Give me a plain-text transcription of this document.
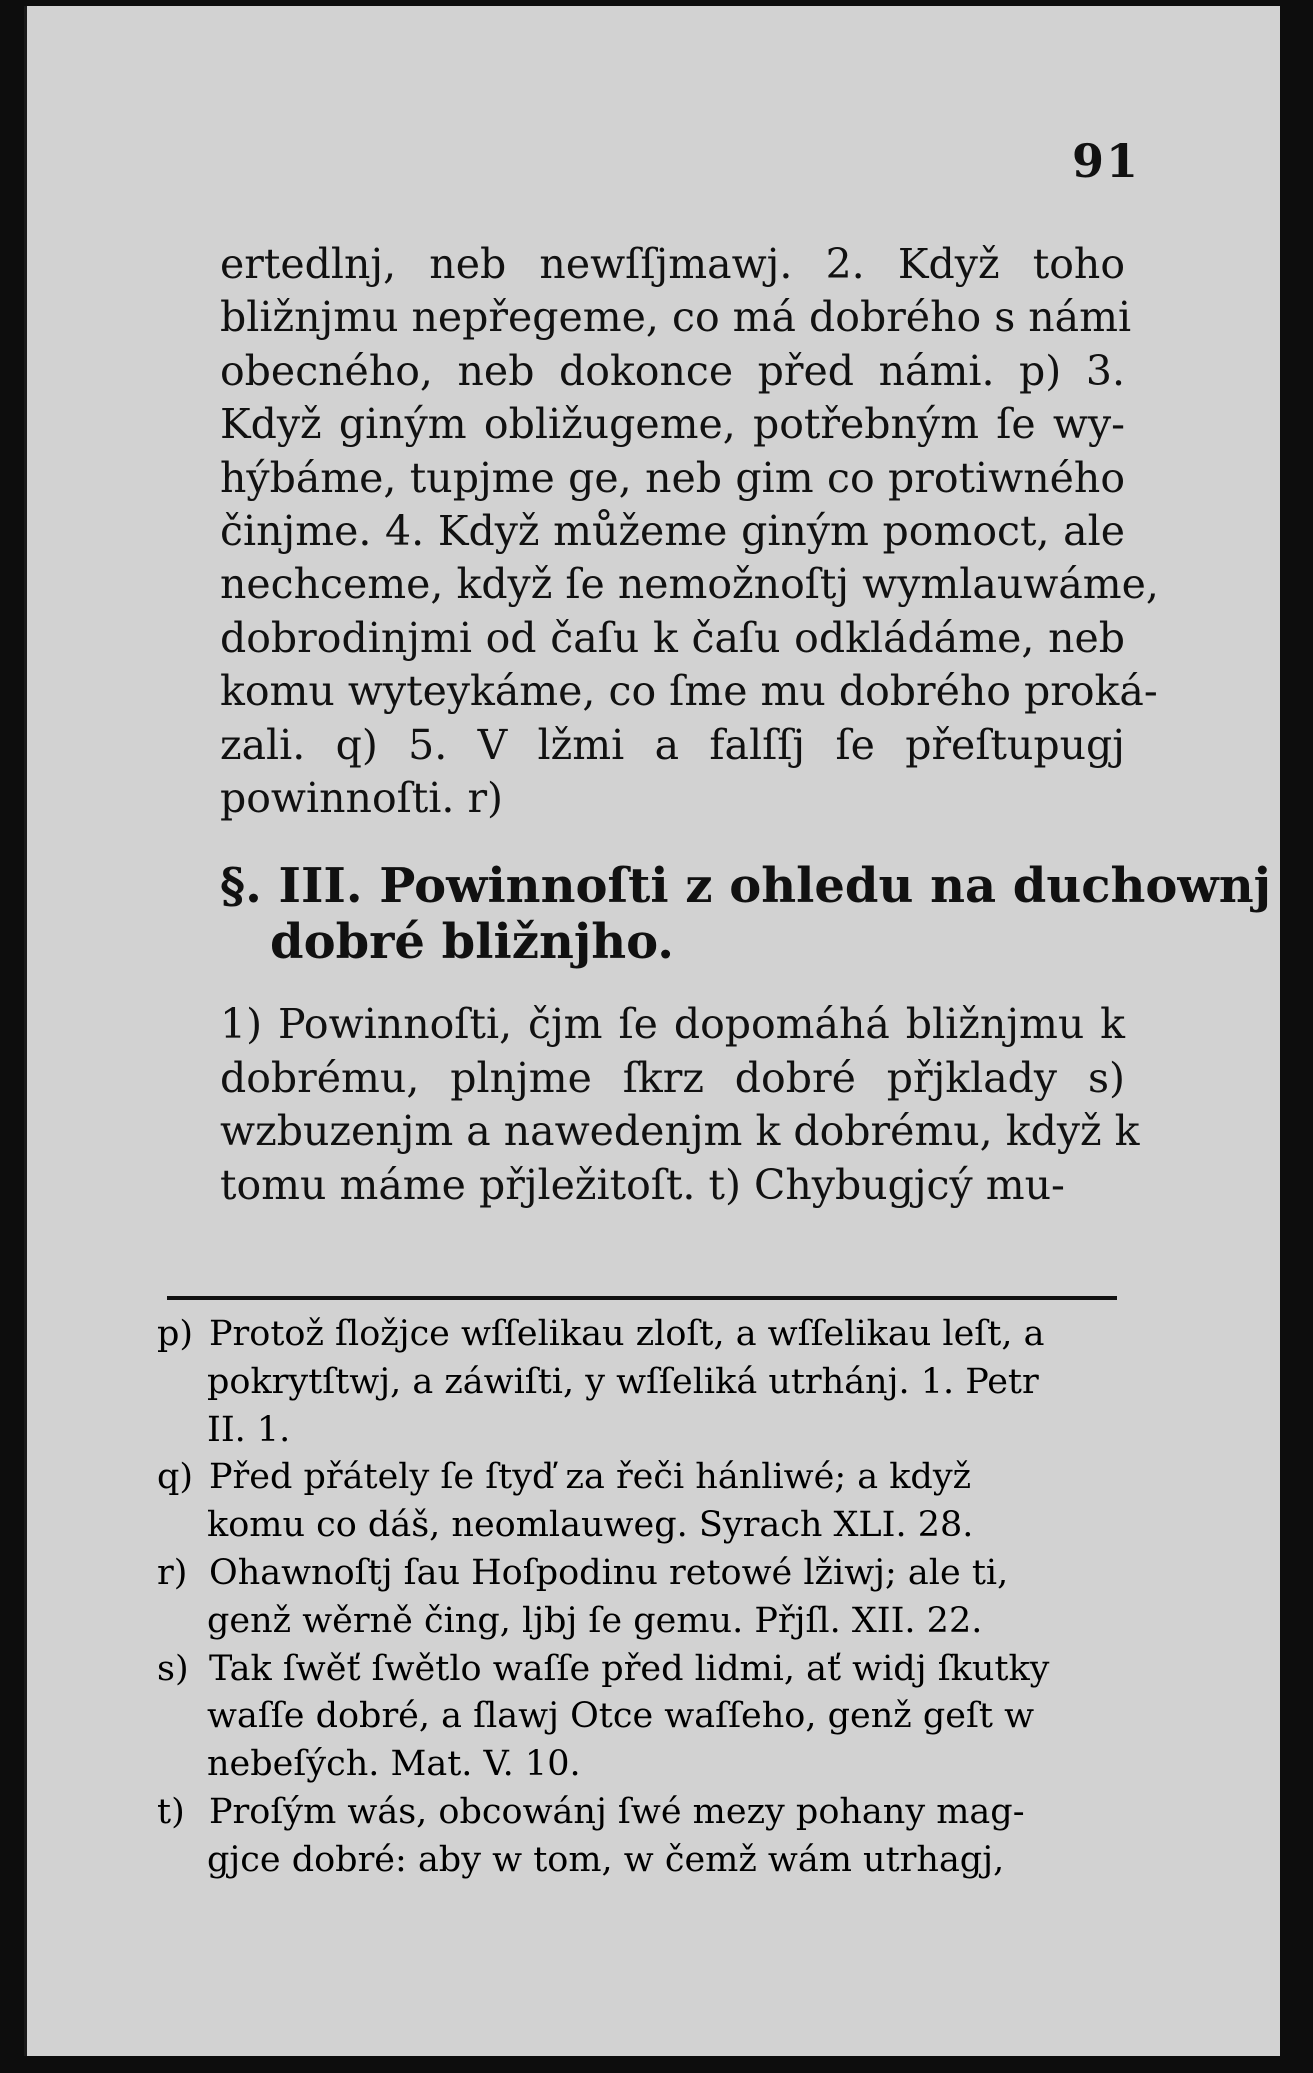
91
ertedlnj, neb newſſjmawj. 2. Když toho
bližnjmu nepřegeme, co má dobrého s námi
obecného, neb dokonce před námi. p) 3.
Když giným obližugeme, potřebným ſe wy-
hýbáme, tupjme ge, neb gim co protiwného
činjme. 4. Když můžeme giným pomoct, ale
nechceme, když ſe nemožnoſtj wymlauwáme,
dobrodinjmi od čaſu k čaſu odkládáme, neb
komu wyteykáme, co ſme mu dobrého proká-
zali. q) 5. V lžmi a falſſj ſe přeſtupugj
powinnoſti. r)
§. III. Powinnoſti z ohledu na duchownj
dobré bližnjho.
1) Powinnoſti, čjm ſe dopomáhá bližnjmu k
dobrému, plnjme ſkrz dobré přjklady s)
wzbuzenjm a nawedenjm k dobrému, když k
tomu máme přjležitoſt. t) Chybugjcý mu-
p) Protož ſložjce wſſelikau zloſt, a wſſelikau leſt, a
pokrytſtwj, a záwiſti, y wſſeliká utrhánj. 1. Petr
II. 1.
q) Před přátely ſe ſtyď za řeči hánliwé; a když
komu co dáš, neomlauweg. Syrach XLI. 28.
r) Ohawnoſtj ſau Hoſpodinu retowé lžiwj; ale ti,
genž wěrně čing, ljbj ſe gemu. Přjſl. XII. 22.
s) Tak ſwěť ſwětlo waſſe před lidmi, ať widj ſkutky
waſſe dobré, a ſlawj Otce waſſeho, genž geſt w
nebeſých. Mat. V. 10.
t) Proſým wás, obcowánj ſwé mezy pohany mag-
gjce dobré: aby w tom, w čemž wám utrhagj,
